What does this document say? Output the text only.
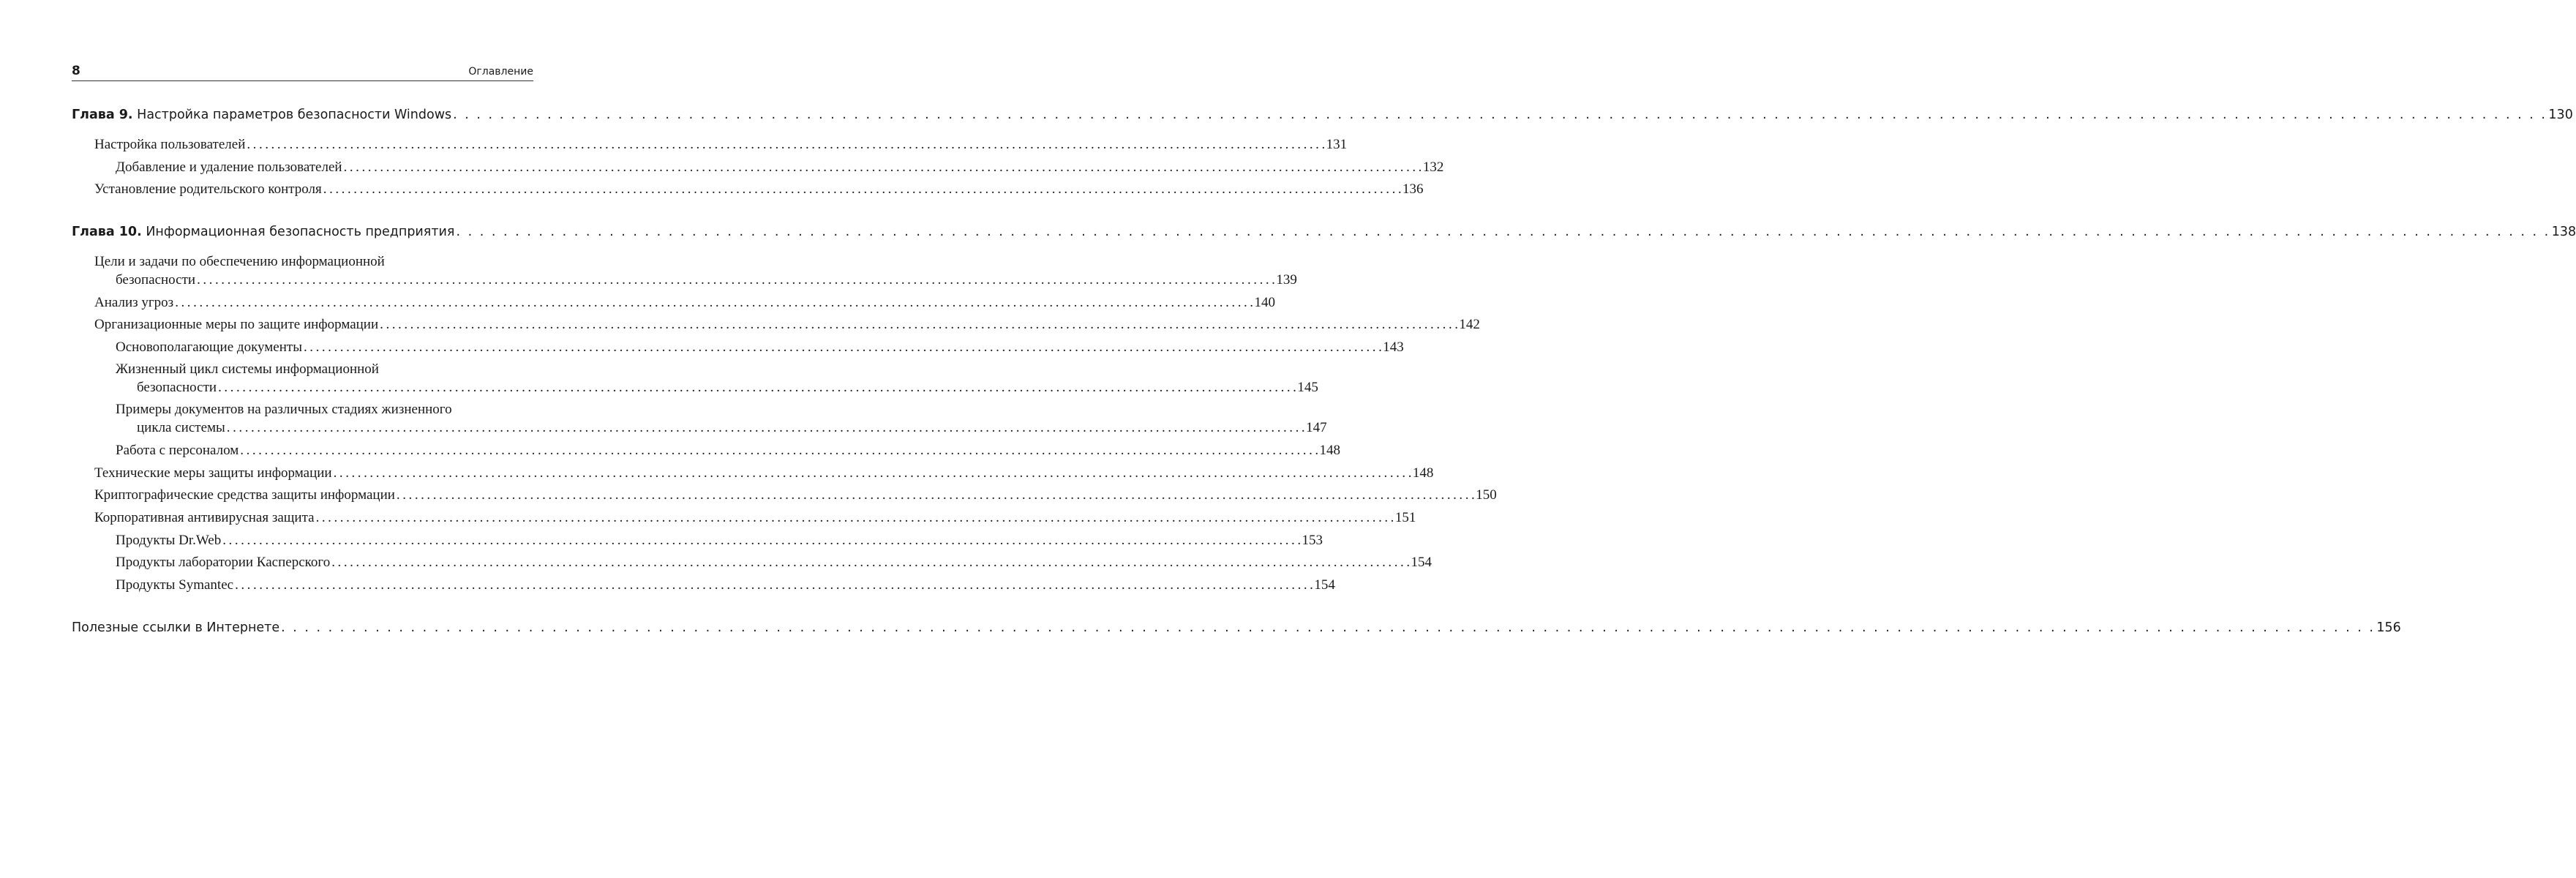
8	Оглавление
Глава 9. Настройка параметров безопасности Windows . . .	130
Настройка пользователей . . .	131
Добавление и удаление пользователей . . .	132
Установление родительского контроля . . .	136
Глава 10. Информационная безопасность предприятия . . .	138
Цели и задачи по обеспечению информационной
безопасности . . .	139
Анализ угроз . . .	140
Организационные меры по защите информации . . .	142
Основополагающие документы . . .	143
Жизненный цикл системы информационной
безопасности . . .	145
Примеры документов на различных стадиях жизненного
цикла системы . . .	147
Работа с персоналом . . .	148
Технические меры защиты информации . . .	148
Криптографические средства защиты информации . . .	150
Корпоративная антивирусная защита . . .	151
Продукты Dr.Web . . .	153
Продукты лаборатории Касперского . . .	154
Продукты Symantec . . .	154
Полезные ссылки в Интернете . . .	156
